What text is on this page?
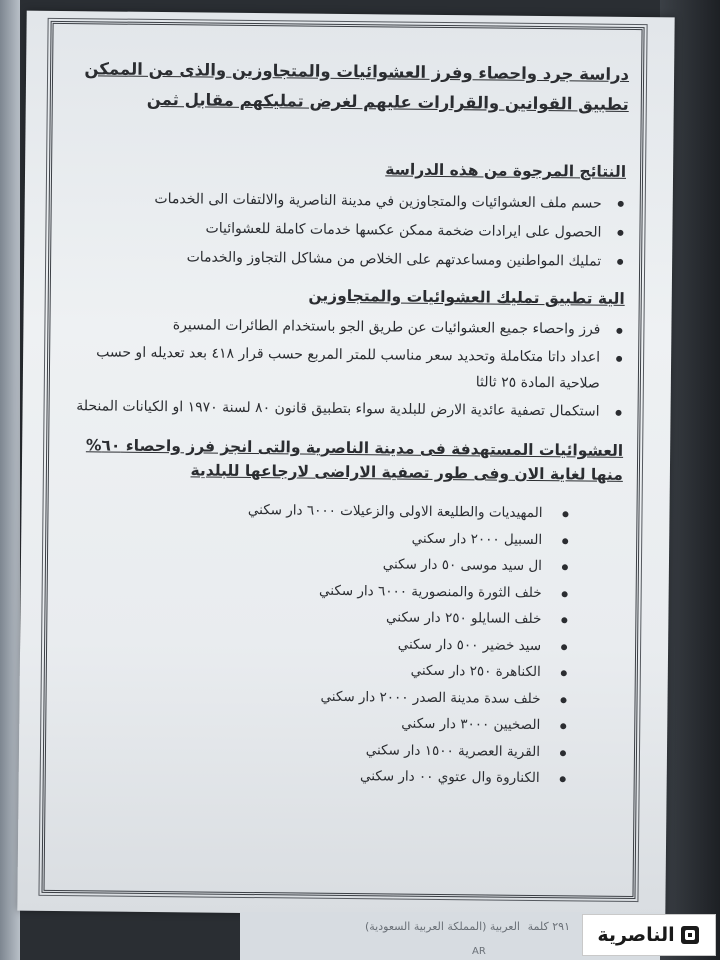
دراسة جرد واحصاء وفرز العشوائيات والمتجاوزين والذى من الممكن تطبيق القوانين والقرارات عليهم لغرض تمليكهم مقابل ثمن
النتائج المرجوة من هذه الدراسة
حسم ملف العشوائيات والمتجاوزين في مدينة الناصرية والالتفات الى الخدمات
الحصول على ايرادات ضخمة ممكن عكسها خدمات كاملة للعشوائيات
تمليك المواطنين ومساعدتهم على الخلاص من مشاكل التجاوز والخدمات
الية تطبيق تمليك العشوائيات والمتجاوزين
فرز واحصاء جميع العشوائيات عن طريق الجو باستخدام الطائرات المسيرة
اعداد داتا متكاملة وتحديد سعر مناسب للمتر المربع حسب قرار ٤١٨ بعد تعديله او حسب صلاحية المادة ٢٥ ثالثا
استكمال تصفية عائدية الارض للبلدية سواء بتطبيق قانون ٨٠ لسنة ١٩٧٠ او الكيانات المنحلة
العشوائيات المستهدفة فى مدينة الناصرية والتى انجز فرز واحصاء ٦٠% منها لغاية الان وفى طور تصفية الاراضى لارجاعها للبلدية
المهيديات والطليعة الاولى والزعيلات ٦٠٠٠ دار سكني
السبيل ٢٠٠٠ دار سكني
ال سيد موسى ٥٠ دار سكني
خلف الثورة والمنصورية ٦٠٠٠ دار سكني
خلف السايلو ٢٥٠ دار سكني
سيد خضير ٥٠٠ دار سكني
الكناهرة ٢٥٠ دار سكني
خلف سدة مدينة الصدر ٢٠٠٠ دار سكني
الصخيين ٣٠٠٠ دار سكني
القرية العصرية ١٥٠٠ دار سكني
الكناروة وال عتوي ٠٠ دار سكني
العربية (المملكة العربية السعودية) ٢٩١ كلمة
AR
الناصرية
